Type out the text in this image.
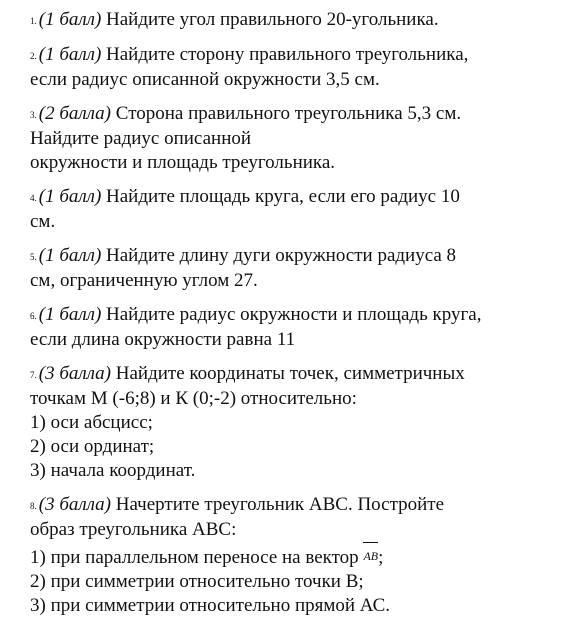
1. (1 балл) Найдите угол правильного 20-угольника.
2. (1 балл) Найдите сторону правильного треугольника,
если радиус описанной окружности 3,5 см.
3. (2 балла) Сторона правильного треугольника 5,3 см.
Найдите радиус описанной
окружности и площадь треугольника.
4. (1 балл) Найдите площадь круга, если его радиус 10
см.
5. (1 балл) Найдите длину дуги окружности радиуса 8
см, ограниченную углом 27.
6. (1 балл) Найдите радиус окружности и площадь круга,
если длина окружности равна 11
7. (3 балла) Найдите координаты точек, симметричных
точкам М (-6;8) и К (0;-2) относительно:
1) оси абсцисс;
2) оси ординат;
3) начала координат.
8. (3 балла) Начертите треугольник АВС. Постройте
образ треугольника АВС:
1) при параллельном переносе на вектор AB;
2) при симметрии относительно точки В;
3) при симметрии относительно прямой АС.
